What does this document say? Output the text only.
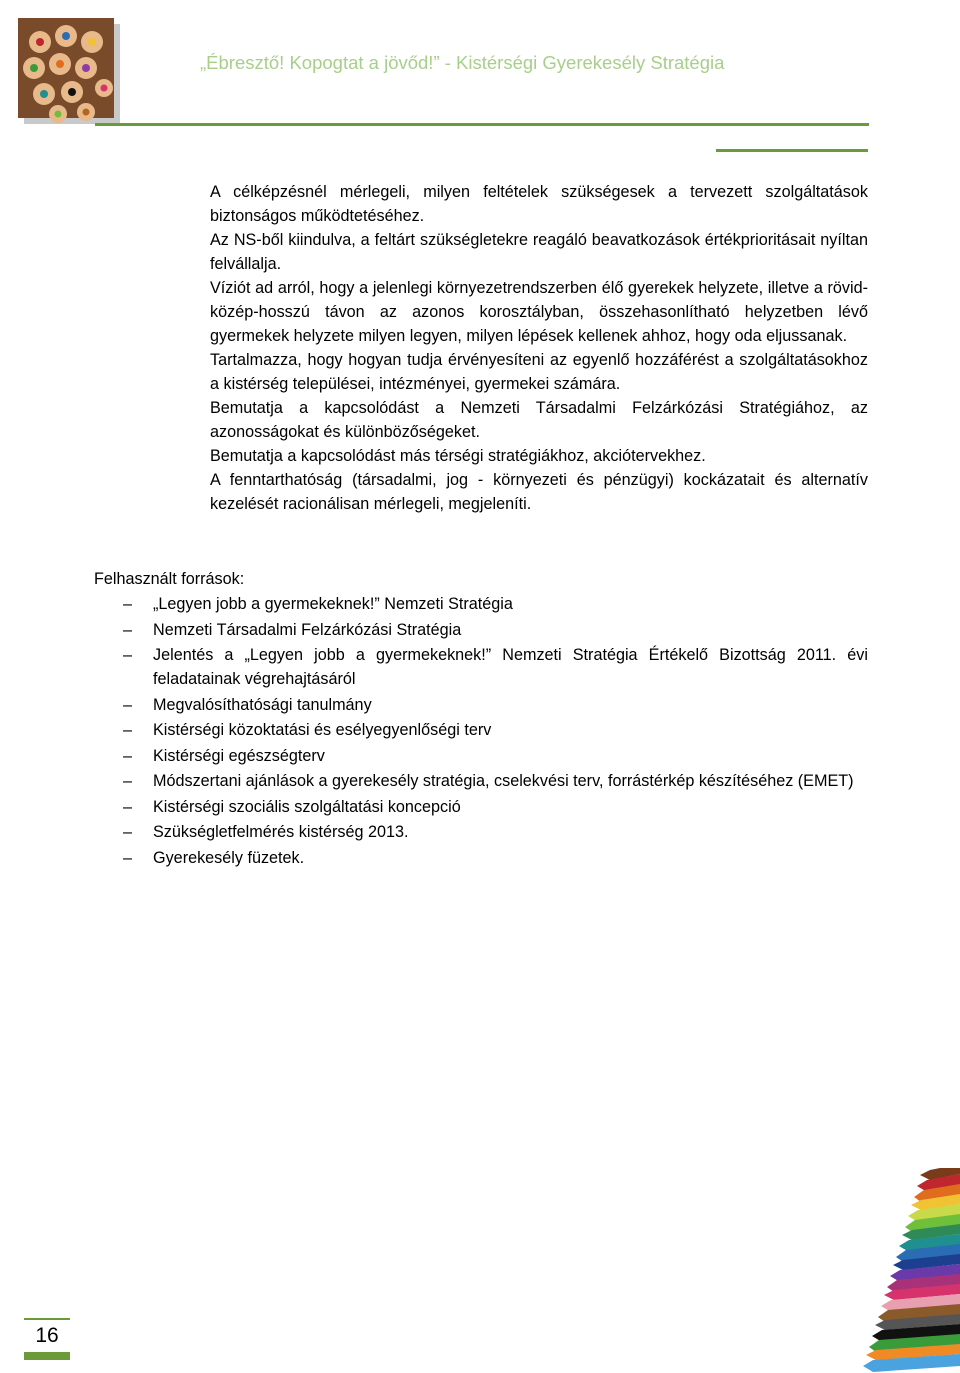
„Ébresztő! Kopogtat a jövőd!” - Kistérségi Gyerekesély Stratégia

A célképzésnél mérlegeli, milyen feltételek szükségesek a tervezett szolgáltatások biztonságos működtetéséhez.

Az NS-ből kiindulva, a feltárt szükségletekre reagáló beavatkozások értékprioritásait nyíltan felvállalja.

Víziót ad arról, hogy a jelenlegi környezetrendszerben élő gyerekek helyzete, illetve a rövid-közép-hosszú távon az azonos korosztályban, összehasonlítható helyzetben lévő gyermekek helyzete milyen legyen, milyen lépések kellenek ahhoz, hogy oda eljussanak.

Tartalmazza, hogy hogyan tudja érvényesíteni az egyenlő hozzáférést a szolgáltatásokhoz a kistérség települései, intézményei, gyermekei számára.

Bemutatja a kapcsolódást a Nemzeti Társadalmi Felzárkózási Stratégiához, az azonosságokat és különbözőségeket.

Bemutatja a kapcsolódást más térségi stratégiákhoz, akciótervekhez.

A fenntarthatóság (társadalmi, jog - környezeti és pénzügyi) kockázatait és alternatív kezelését racionálisan mérlegeli, megjeleníti.

Felhasznált források:
– „Legyen jobb a gyermekeknek!” Nemzeti Stratégia
– Nemzeti Társadalmi Felzárkózási Stratégia
– Jelentés a „Legyen jobb a gyermekeknek!” Nemzeti Stratégia Értékelő Bizottság 2011. évi feladatainak végrehajtásáról
– Megvalósíthatósági tanulmány
– Kistérségi közoktatási és esélyegyenlőségi terv
– Kistérségi egészségterv
– Módszertani ajánlások a gyerekesély stratégia, cselekvési terv, forrástérkép készítéséhez (EMET)
– Kistérségi szociális szolgáltatási koncepció
– Szükségletfelmérés kistérség 2013.
– Gyerekesély füzetek.
16
